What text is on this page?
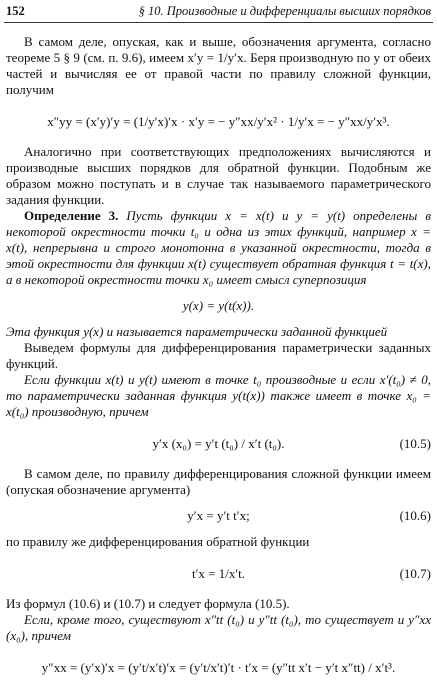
152	§ 10. Производные и дифференциалы высших порядков

В самом деле, опуская, как и выше, обозначения аргумента, согласно теореме 5 § 9 (см. п. 9.6), имеем x′y = 1/y′x. Беря производную по y от обеих частей и вычисляя ее от правой части по правилу сложной функции, получим

x″yy = (x′y)′y = (1/y′x)′x · x′y = − y″xx/y′x² · 1/y′x = − y″xx/y′x³.

Аналогично при соответствующих предположениях вычисляются и производные высших порядков для обратной функции. Подобным же образом можно поступать и в случае так называемого параметрического задания функции.

Определение 3. Пусть функции x = x(t) и y = y(t) определены в некоторой окрестности точки t₀ и одна из этих функций, например x = x(t), непрерывна и строго монотонна в указанной окрестности, тогда в этой окрестности для функции x(t) существует обратная функция t = t(x), а в некоторой окрестности точки x₀ имеет смысл суперпозиция

y(x) = y(t(x)).

Эта функция y(x) и называется параметрически заданной функцией

Выведем формулы для дифференцирования параметрически заданных функций.

Если функции x(t) и y(t) имеют в точке t₀ производные и если x′(t₀) ≠ 0, то параметрически заданная функция y(t(x)) также имеет в точке x₀ = x(t₀) производную, причем

y′x (x₀) = y′t (t₀) / x′t (t₀).	(10.5)

В самом деле, по правилу дифференцирования сложной функции имеем (опуская обозначение аргумента)

y′x = y′t t′x;	(10.6)

по правилу же дифференцирования обратной функции

t′x = 1/x′t.	(10.7)

Из формул (10.6) и (10.7) и следует формула (10.5).

Если, кроме того, существуют x″tt (t₀) и y″tt (t₀), то существует и y″xx (x₀), причем

y″xx = (y′x)′x = (y′t/x′t)′x = (y′t/x′t)′t · t′x = (y″tt x′t − y′t x″tt) / x′t³.
